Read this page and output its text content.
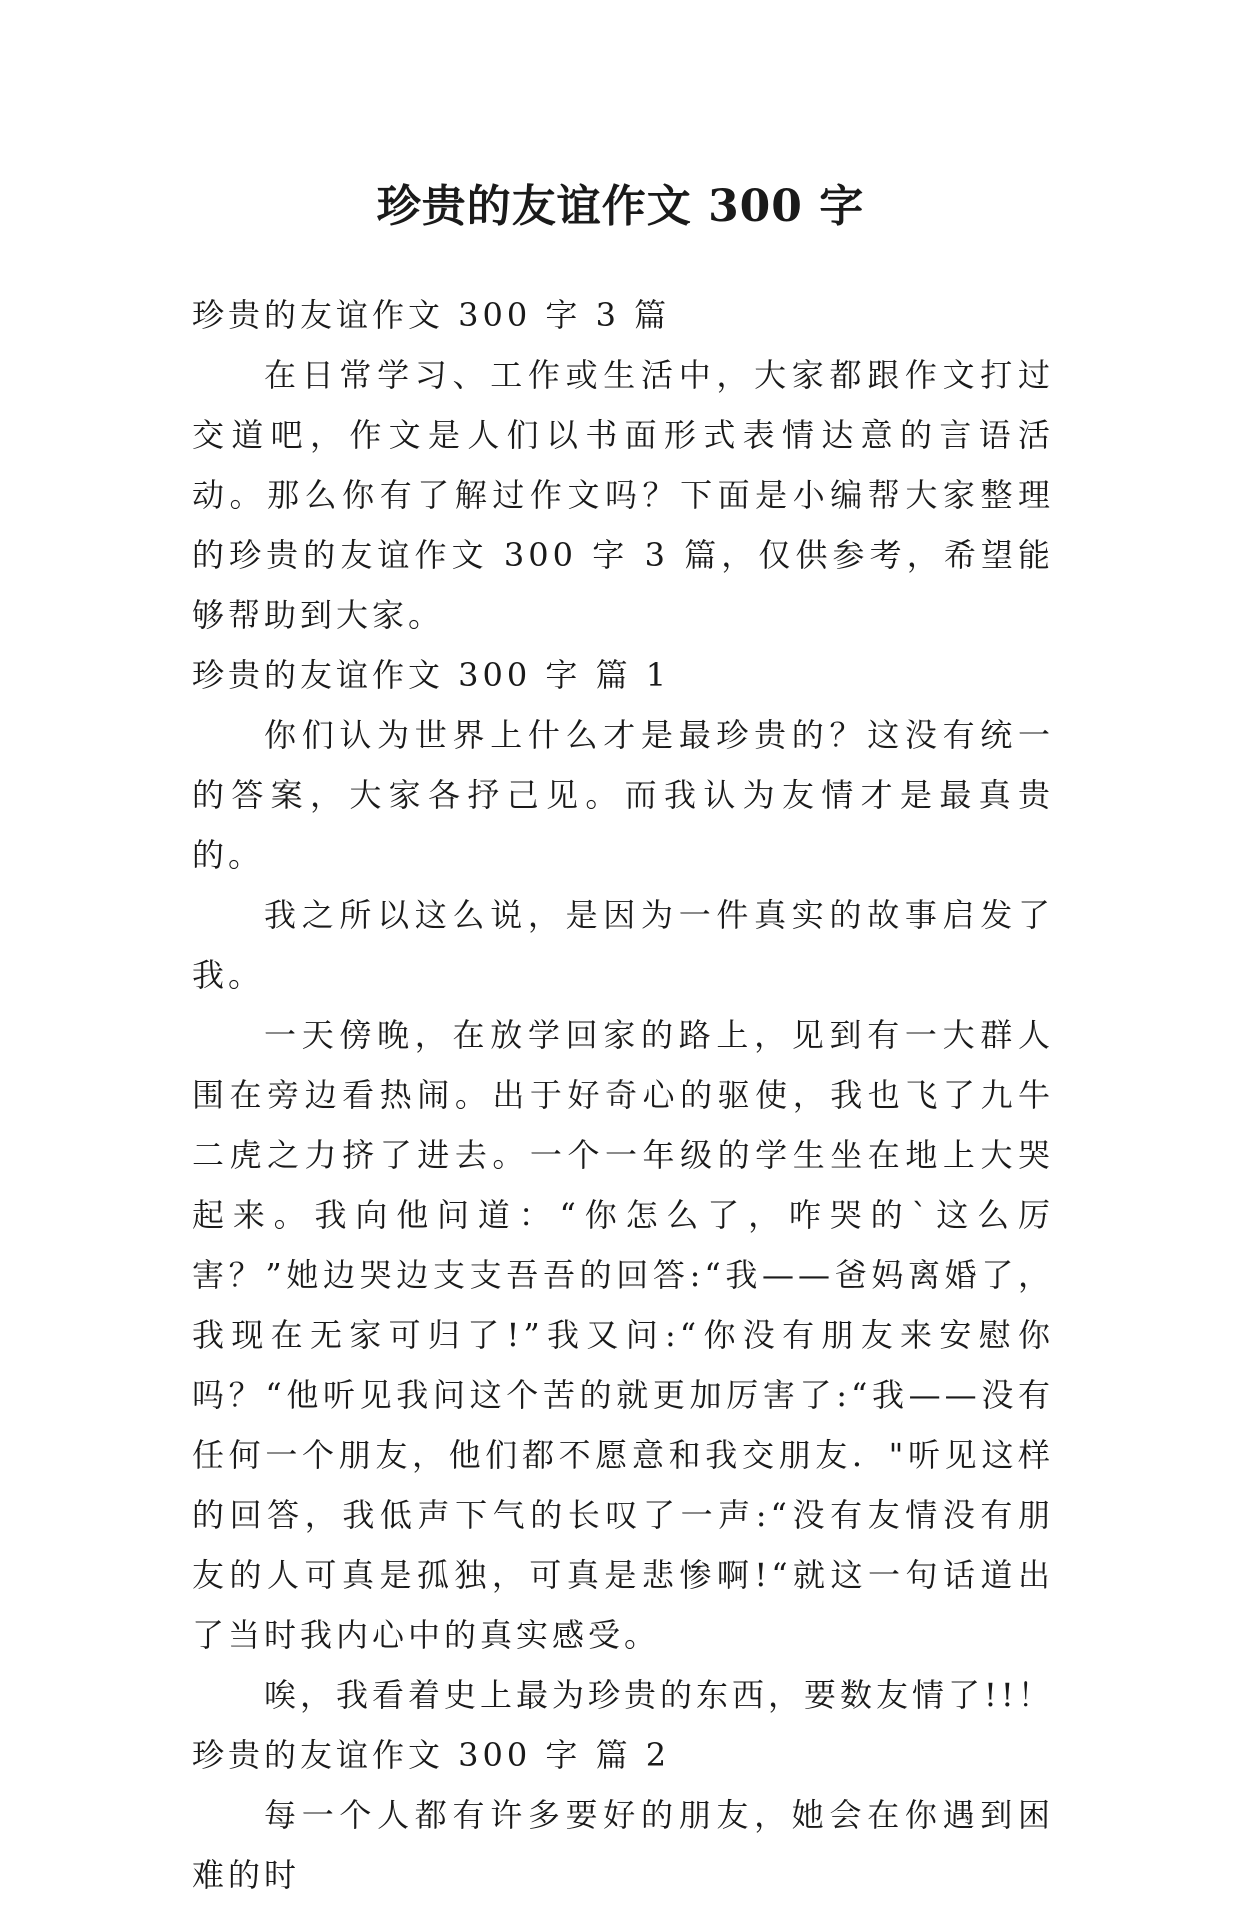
珍贵的友谊作文 300 字

珍贵的友谊作文 300 字 3 篇

在日常学习、工作或生活中，大家都跟作文打过交道吧，作文是人们以书面形式表情达意的言语活动。那么你有了解过作文吗？下面是小编帮大家整理的珍贵的友谊作文 300 字 3 篇，仅供参考，希望能够帮助到大家。

珍贵的友谊作文 300 字 篇 1

你们认为世界上什么才是最珍贵的？这没有统一的答案，大家各抒己见。而我认为友情才是最真贵的。

我之所以这么说，是因为一件真实的故事启发了我。

一天傍晚，在放学回家的路上，见到有一大群人围在旁边看热闹。出于好奇心的驱使，我也飞了九牛二虎之力挤了进去。一个一年级的学生坐在地上大哭起来。我向他问道：“你怎么了，咋哭的`这么厉害？”她边哭边支支吾吾的回答:“我——爸妈离婚了，我现在无家可归了!”我又问:“你没有朋友来安慰你吗？“他听见我问这个苦的就更加厉害了:“我——没有任何一个朋友，他们都不愿意和我交朋友．"听见这样的回答，我低声下气的长叹了一声:“没有友情没有朋友的人可真是孤独，可真是悲惨啊!“就这一句话道出了当时我内心中的真实感受。

唉，我看着史上最为珍贵的东西，要数友情了!!！

珍贵的友谊作文 300 字 篇 2

每一个人都有许多要好的朋友，她会在你遇到困难的时
